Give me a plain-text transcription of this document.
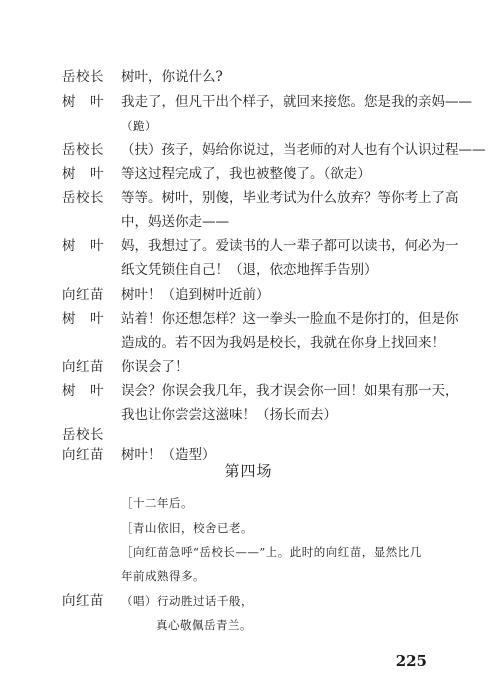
岳校长	树叶，你说什么?
树　叶	我走了，但凡干出个样子，就回来接您。您是我的亲妈——
（跪）
岳校长	（扶）孩子，妈给你说过，当老师的对人也有个认识过程——
树　叶	等这过程完成了，我也被整傻了。（欲走）
岳校长	等等。树叶，别傻，毕业考试为什么放弃？等你考上了高
中，妈送你走——
树　叶	妈，我想过了。爱读书的人一辈子都可以读书，何必为一
纸文凭锁住自己！（退，依恋地挥手告别）
向红苗	树叶！（追到树叶近前）
树　叶	站着！你还想怎样？这一拳头一脸血不是你打的，但是你
造成的。若不因为我妈是校长，我就在你身上找回来！
向红苗	你误会了！
树　叶	误会？你误会我几年，我才误会你一回！如果有那一天，
我也让你尝尝这滋味！（扬长而去）
岳校长
向红苗	树叶！（造型）
第四场
［十二年后。
［青山依旧，校舍已老。
［向红苗急呼“岳校长——”上。此时的向红苗，显然比几
年前成熟得多。
向红苗	（唱）行动胜过话千般，
真心敬佩岳青兰。
225
